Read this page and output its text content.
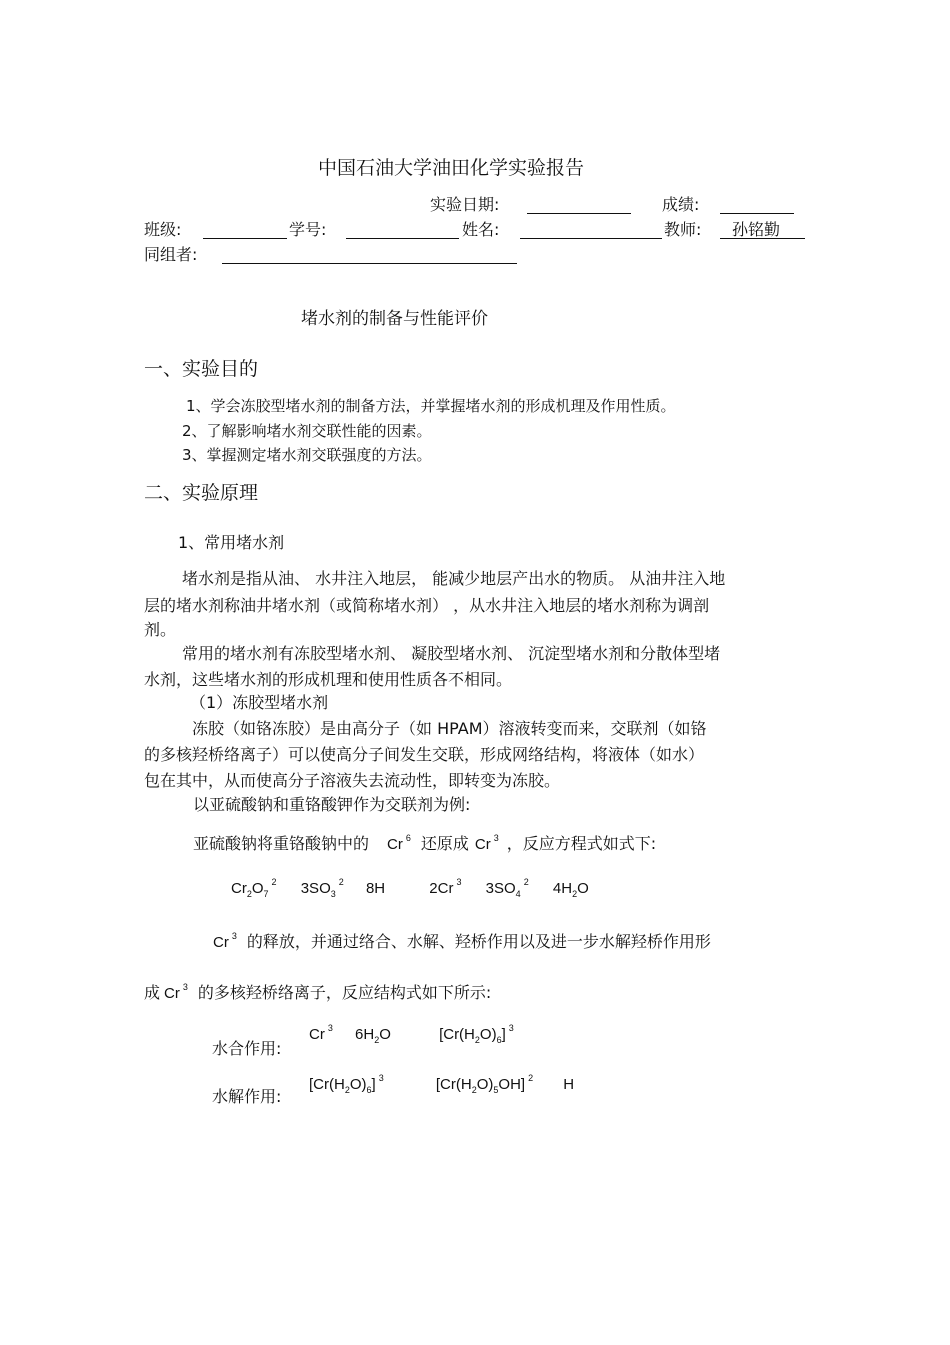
中国石油大学油田化学实验报告
实验日期:	成绩:
班级:	学号:	姓名:	教师: 孙铭勤
同组者:
堵水剂的制备与性能评价
一、实验目的
1、学会冻胶型堵水剂的制备方法，并掌握堵水剂的形成机理及作用性质。
2、了解影响堵水剂交联性能的因素。
3、掌握测定堵水剂交联强度的方法。
二、实验原理
1、常用堵水剂
堵水剂是指从油、 水井注入地层， 能减少地层产出水的物质。 从油井注入地
层的堵水剂称油井堵水剂（或简称堵水剂） ，从水井注入地层的堵水剂称为调剖
剂。
常用的堵水剂有冻胶型堵水剂、 凝胶型堵水剂、 沉淀型堵水剂和分散体型堵
水剂，这些堵水剂的形成机理和使用性质各不相同。
（1）冻胶型堵水剂
冻胶（如铬冻胶）是由高分子（如 HPAM）溶液转变而来，交联剂（如铬
的多核羟桥络离子）可以使高分子间发生交联，形成网络结构，将液体（如水）
包在其中，从而使高分子溶液失去流动性，即转变为冻胶。
以亚硫酸钠和重铬酸钾作为交联剂为例:
亚硫酸钠将重铬酸钠中的 Cr $^6$ 还原成 Cr $^3$ ，反应方程式如式下:
$Cr_2O_7^2$ $3SO_3^2$ 8H	2Cr $^3$ $3SO_4^2$ $4H_2O$
Cr $^3$ 的释放，并通过络合、水解、羟桥作用以及进一步水解羟桥作用形
成 Cr $^3$ 的多核羟桥络离子，反应结构式如下所示:
水合作用:
Cr $^3$ $6H_2O$	$[Cr(H_2O)_6]$ $^3$
水解作用:
$[Cr(H_2O)_6]$ $^3$	$[Cr(H_2O)_5OH]$ $^2$ H
